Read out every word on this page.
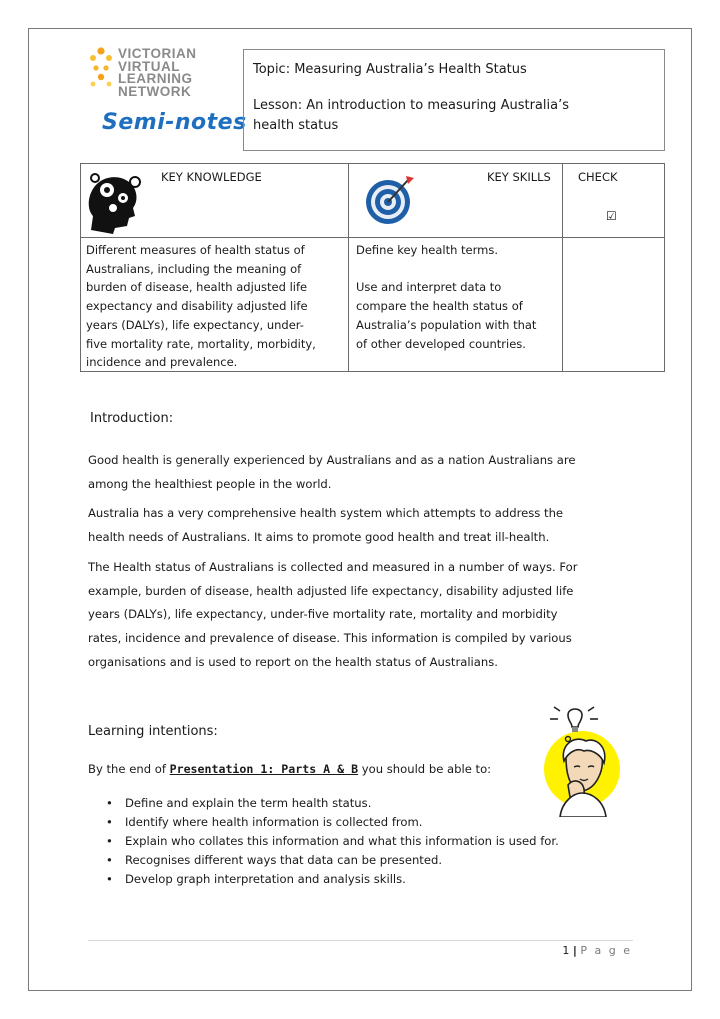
VICTORIAN
VIRTUAL
LEARNING
NETWORK
Semi-notes
Topic: Measuring Australia’s Health Status
Lesson: An introduction to measuring Australia’s
health status
KEY KNOWLEDGE	KEY SKILLS CHECK
☑
Different measures of health status of
Australians, including the meaning of
burden of disease, health adjusted life
expectancy and disability adjusted life
years (DALYs), life expectancy, under-
five mortality rate, mortality, morbidity,
incidence and prevalence.
Define key health terms.
Use and interpret data to
compare the health status of
Australia’s population with that
of other developed countries.
Introduction:
Good health is generally experienced by Australians and as a nation Australians are
among the healthiest people in the world.
Australia has a very comprehensive health system which attempts to address the
health needs of Australians. It aims to promote good health and treat ill-health.
The Health status of Australians is collected and measured in a number of ways. For
example, burden of disease, health adjusted life expectancy, disability adjusted life
years (DALYs), life expectancy, under-five mortality rate, mortality and morbidity
rates, incidence and prevalence of disease. This information is compiled by various
organisations and is used to report on the health status of Australians.
Learning intentions:
By the end of Presentation 1: Parts A & B you should be able to:
• Define and explain the term health status.
• Identify where health information is collected from.
• Explain who collates this information and what this information is used for.
• Recognises different ways that data can be presented.
• Develop graph interpretation and analysis skills.
1 | P a g e
